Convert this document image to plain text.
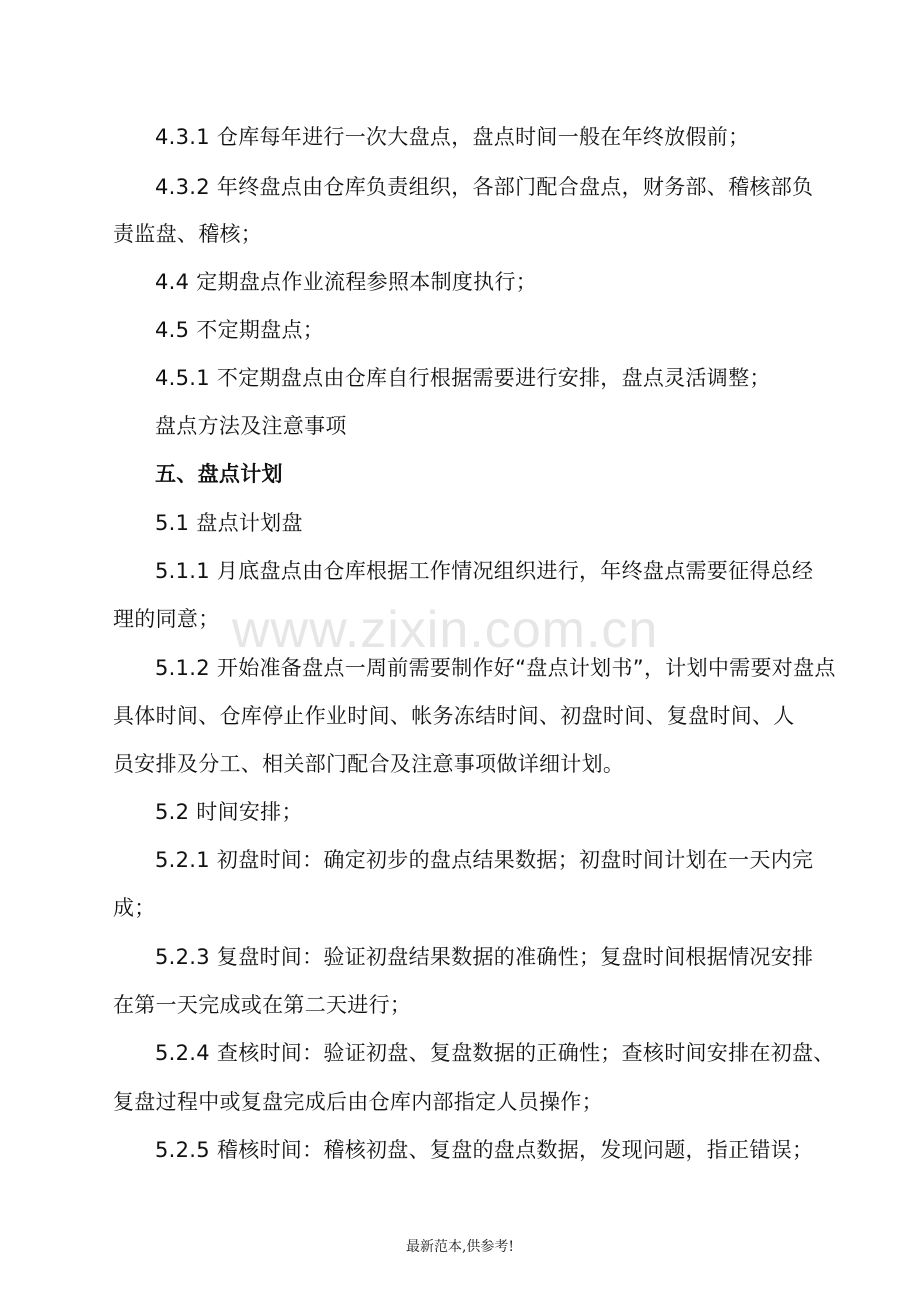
www.zixin.com.cn
4.3.1 仓库每年进行一次大盘点，盘点时间一般在年终放假前；
4.3.2 年终盘点由仓库负责组织，各部门配合盘点，财务部、稽核部负
责监盘、稽核；
4.4 定期盘点作业流程参照本制度执行；
4.5 不定期盘点；
4.5.1 不定期盘点由仓库自行根据需要进行安排，盘点灵活调整；
盘点方法及注意事项
五、盘点计划
5.1 盘点计划盘
5.1.1 月底盘点由仓库根据工作情况组织进行，年终盘点需要征得总经
理的同意；
5.1.2 开始准备盘点一周前需要制作好“盘点计划书”，计划中需要对盘点
具体时间、仓库停止作业时间、帐务冻结时间、初盘时间、复盘时间、人
员安排及分工、相关部门配合及注意事项做详细计划。
5.2 时间安排；
5.2.1 初盘时间：确定初步的盘点结果数据；初盘时间计划在一天内完
成；
5.2.3 复盘时间：验证初盘结果数据的准确性；复盘时间根据情况安排
在第一天完成或在第二天进行；
5.2.4 查核时间：验证初盘、复盘数据的正确性；查核时间安排在初盘、
复盘过程中或复盘完成后由仓库内部指定人员操作；
5.2.5 稽核时间：稽核初盘、复盘的盘点数据，发现问题，指正错误；
最新范本,供参考!
